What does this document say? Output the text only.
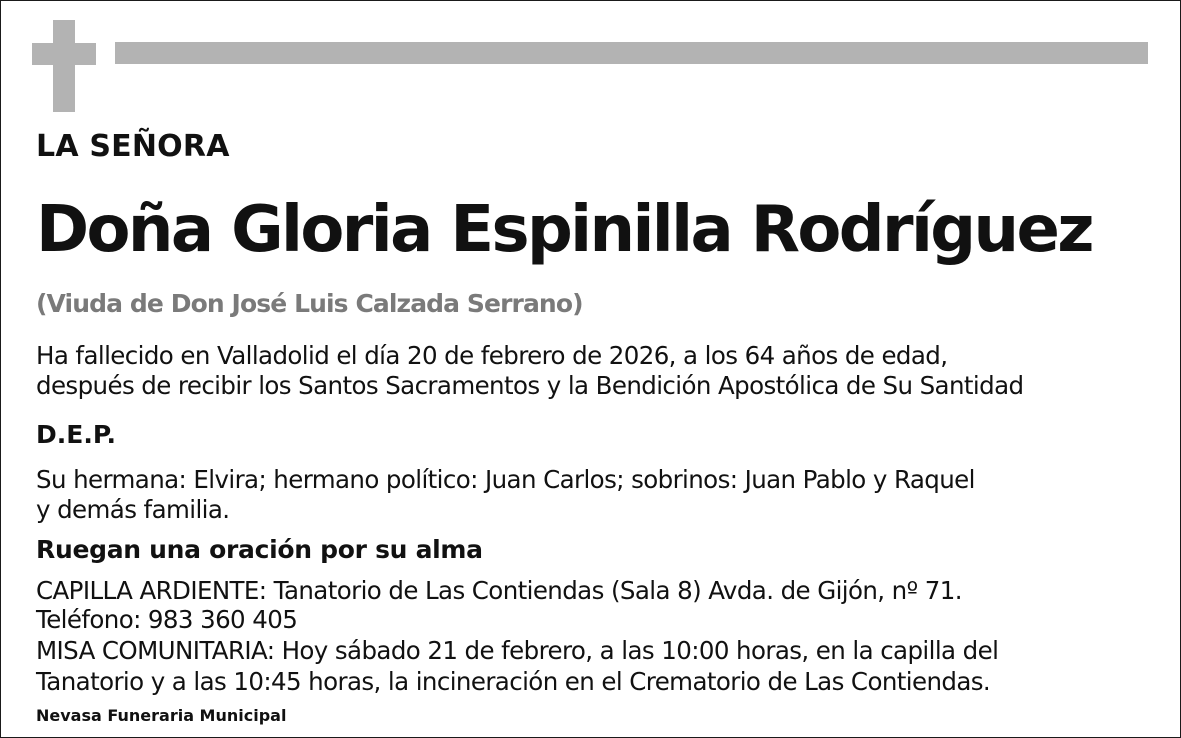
LA SEÑORA
Doña Gloria Espinilla Rodríguez
(Viuda de Don José Luis Calzada Serrano)
Ha fallecido en Valladolid el día 20 de febrero de 2026, a los 64 años de edad,
después de recibir los Santos Sacramentos y la Bendición Apostólica de Su Santidad
D.E.P.
Su hermana: Elvira; hermano político: Juan Carlos; sobrinos: Juan Pablo y Raquel
y demás familia.
Ruegan una oración por su alma
CAPILLA ARDIENTE: Tanatorio de Las Contiendas (Sala 8) Avda. de Gijón, nº 71.
Teléfono: 983 360 405
MISA COMUNITARIA: Hoy sábado 21 de febrero, a las 10:00 horas, en la capilla del
Tanatorio y a las 10:45 horas, la incineración en el Crematorio de Las Contiendas.
Nevasa Funeraria Municipal
